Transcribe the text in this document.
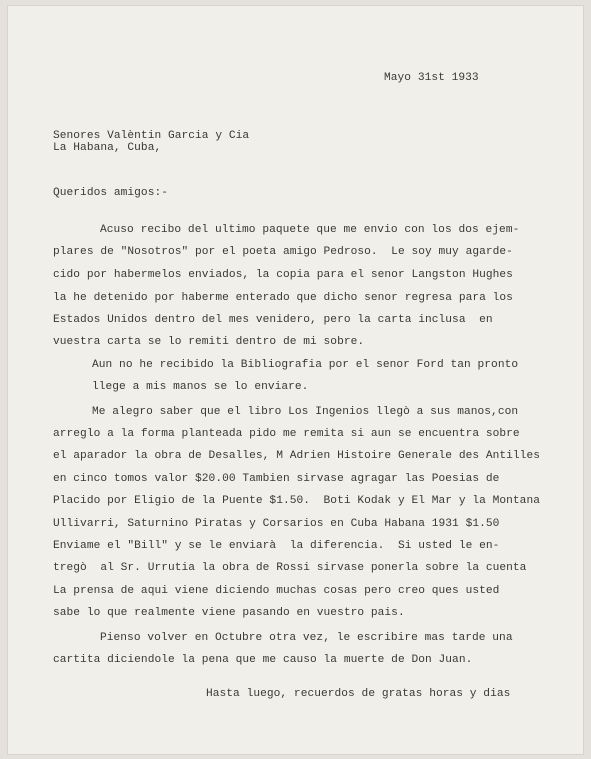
Mayo 31st 1933
Senores Valèntin Garcia y Cia
La Habana, Cuba,
Queridos amigos:-
Acuso recibo del ultimo paquete que me envio con los dos ejem-
plares de "Nosotros" por el poeta amigo Pedroso.  Le soy muy agarde-
cido por habermelos enviados, la copia para el senor Langston Hughes
la he detenido por haberme enterado que dicho senor regresa para los
Estados Unidos dentro del mes venidero, pero la carta inclusa  en
vuestra carta se lo remiti dentro de mi sobre.
Aun no he recibido la Bibliografia por el senor Ford tan pronto
llege a mis manos se lo enviare.
Me alegro saber que el libro Los Ingenios llegò a sus manos,con
arreglo a la forma planteada pido me remita si aun se encuentra sobre
el aparador la obra de Desalles, M Adrien Histoire Generale des Antilles
en cinco tomos valor $20.00 Tambien sirvase agragar las Poesias de
Placido por Eligio de la Puente $1.50.  Boti Kodak y El Mar y la Montana
Ullivarri, Saturnino Piratas y Corsarios en Cuba Habana 1931 $1.50
Enviame el "Bill" y se le enviarà  la diferencia.  Si usted le en-
tregò  al Sr. Urrutia la obra de Rossi sirvase ponerla sobre la cuenta
La prensa de aqui viene diciendo muchas cosas pero creo ques usted
sabe lo que realmente viene pasando en vuestro pais.
Pienso volver en Octubre otra vez, le escribire mas tarde una
cartita diciendole la pena que me causo la muerte de Don Juan.
Hasta luego, recuerdos de gratas horas y dias
